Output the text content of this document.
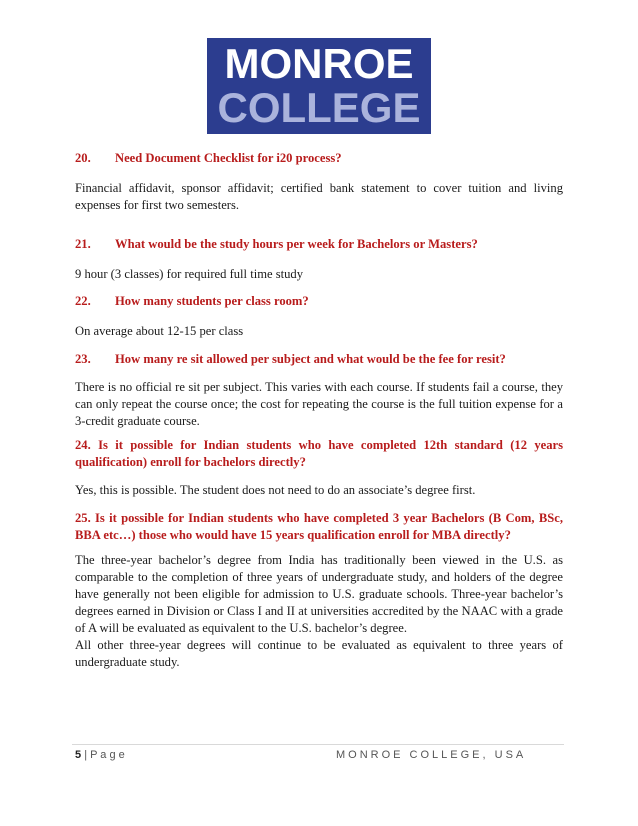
MONROE
COLLEGE
20. Need Document Checklist for i20 process?
Financial affidavit, sponsor affidavit; certified bank statement to cover tuition and living expenses for first two semesters.
21. What would be the study hours per week for Bachelors or Masters?
9 hour (3 classes) for required full time study
22. How many students per class room?
On average about 12-15 per class
23. How many re sit allowed per subject and what would be the fee for resit?
There is no official re sit per subject. This varies with each course. If students fail a course, they can only repeat the course once; the cost for repeating the course is the full tuition expense for a 3-credit graduate course.
24. Is it possible for Indian students who have completed 12th standard (12 years qualification) enroll for bachelors directly?
Yes, this is possible. The student does not need to do an associate’s degree first.
25. Is it possible for Indian students who have completed 3 year Bachelors (B Com, BSc, BBA etc…) those who would have 15 years qualification enroll for MBA directly?
The three-year bachelor’s degree from India has traditionally been viewed in the U.S. as comparable to the completion of three years of undergraduate study, and holders of the degree have generally not been eligible for admission to U.S. graduate schools. Three-year bachelor’s degrees earned in Division or Class I and II at universities accredited by the NAAC with a grade of A will be evaluated as equivalent to the U.S. bachelor’s degree.
All other three-year degrees will continue to be evaluated as equivalent to three years of undergraduate study.
5 | P a g e	MONROE COLLEGE, USA
